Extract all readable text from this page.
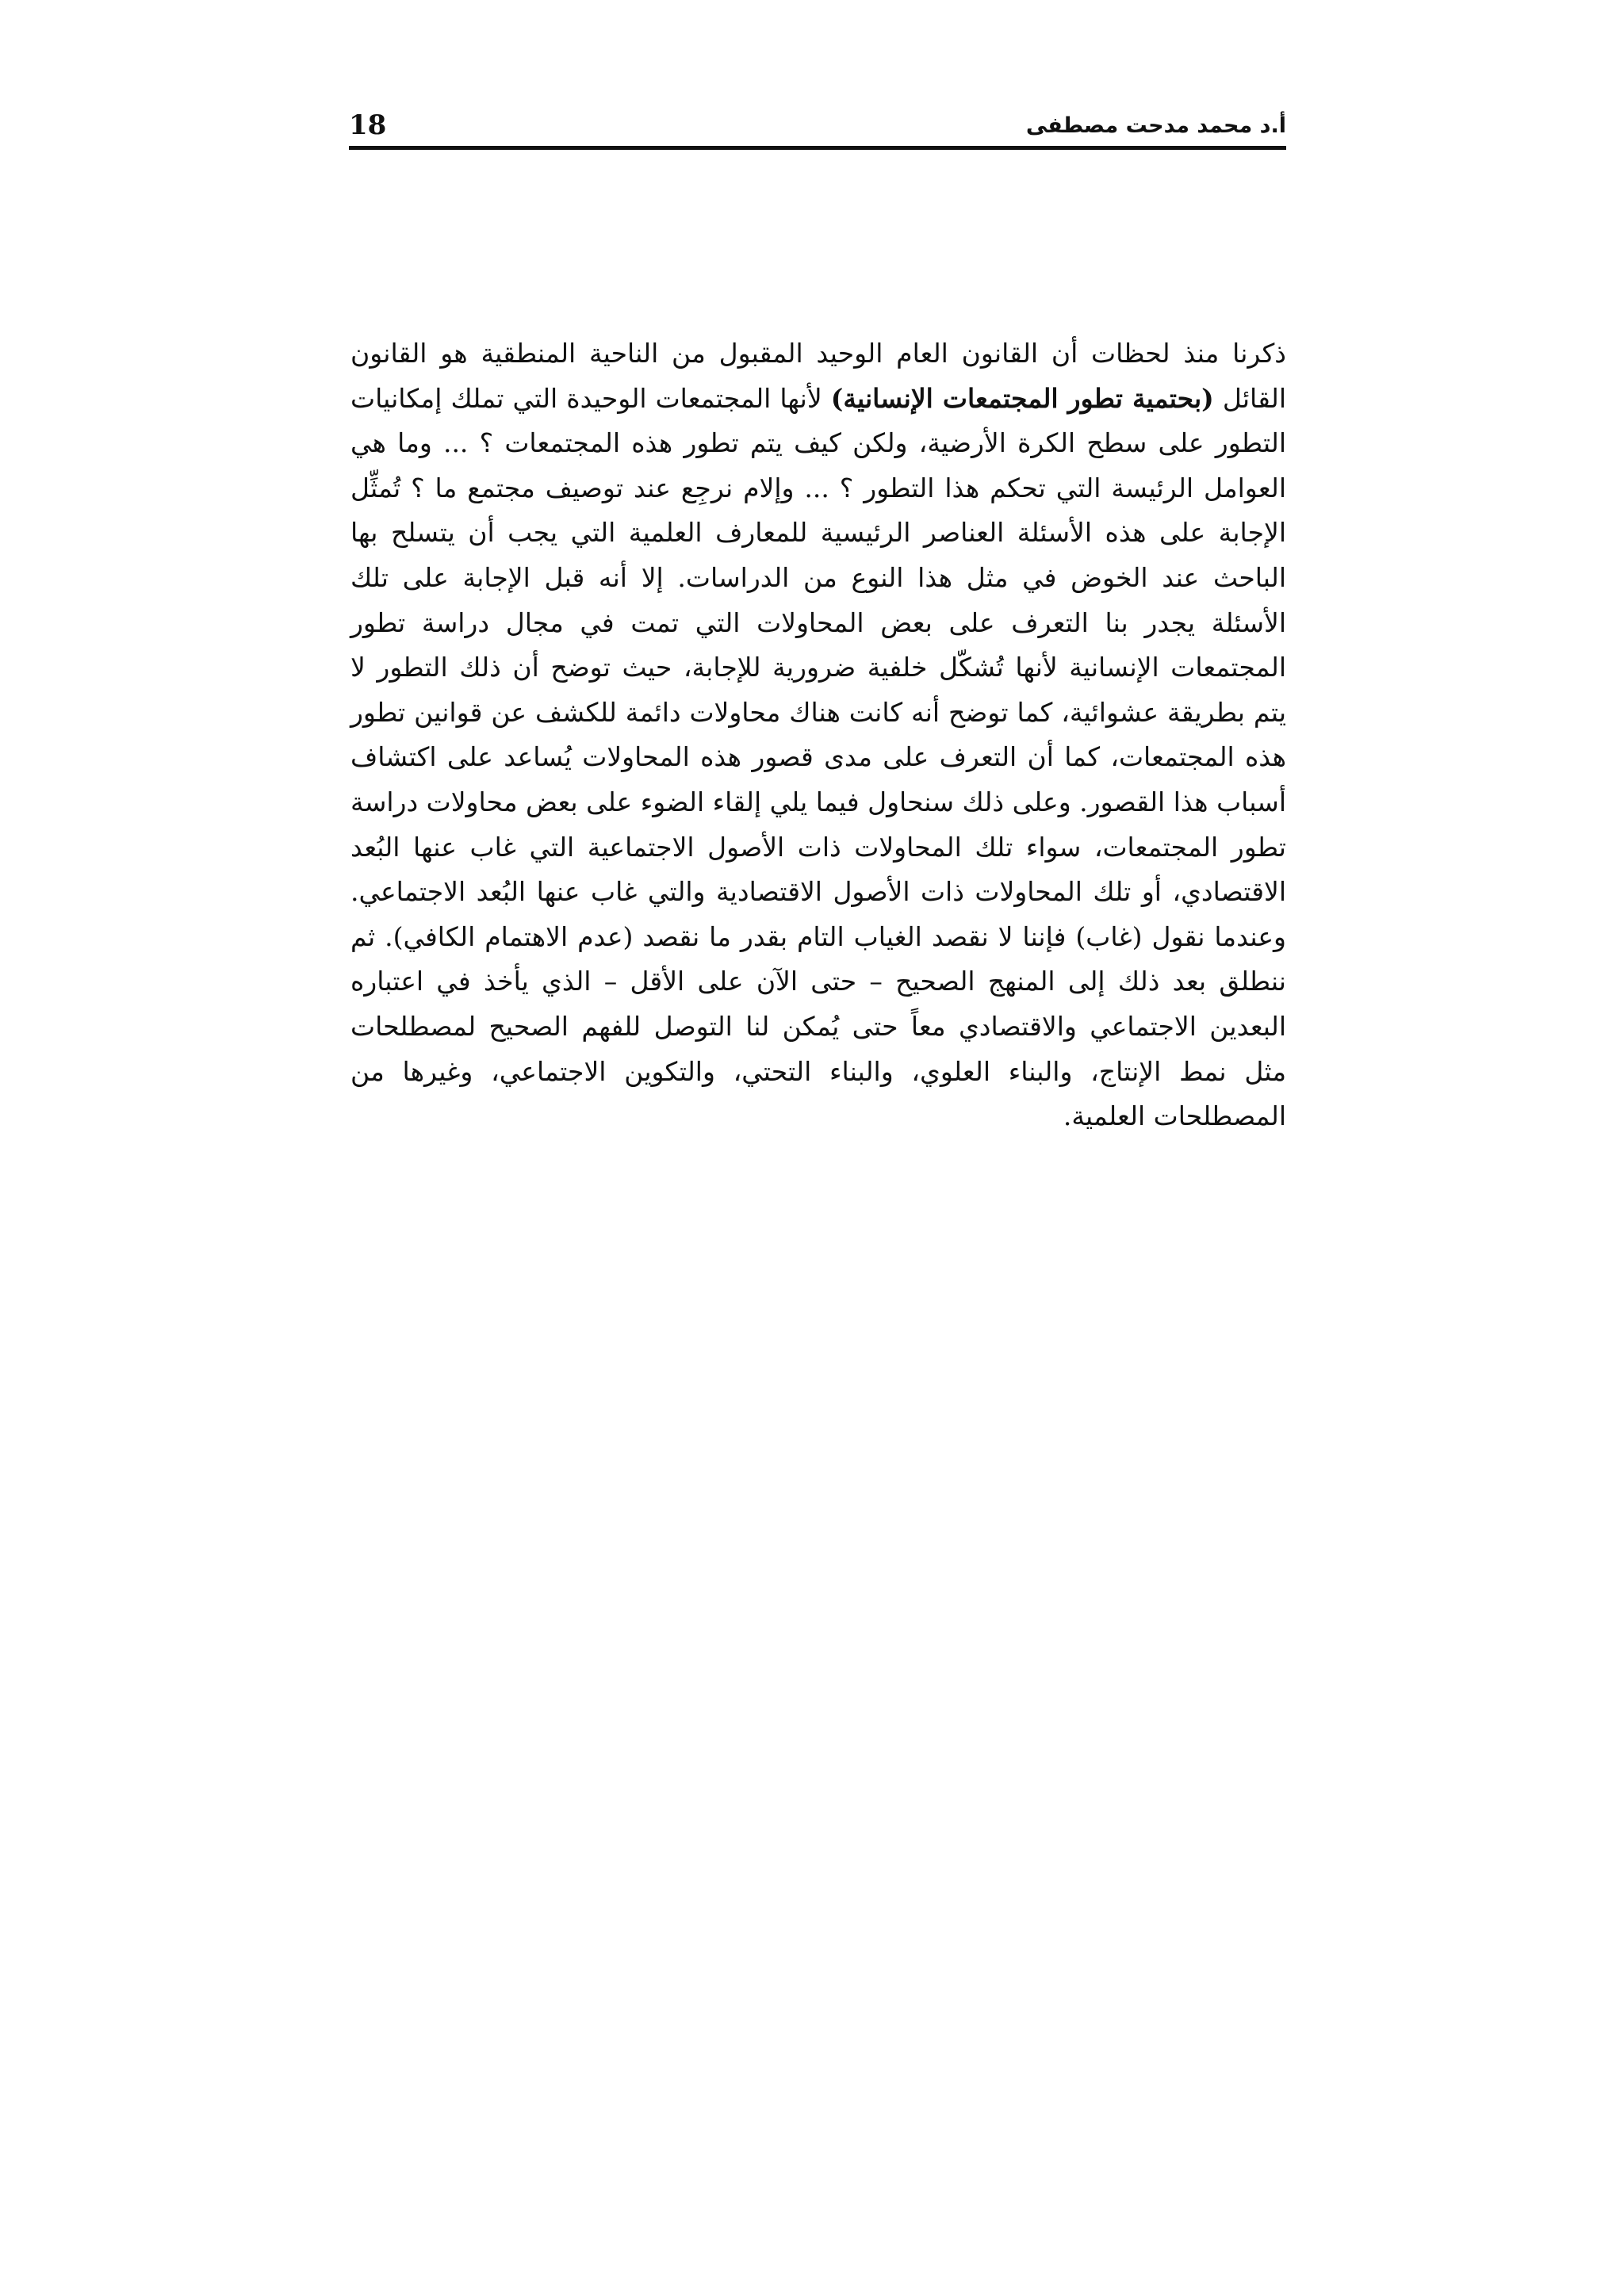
أ.د محمد مدحت مصطفى
18

ذكرنا منذ لحظات أن القانون العام الوحيد المقبول من الناحية المنطقية هو القانون القائل (بحتمية تطور المجتمعات الإنسانية) لأنها المجتمعات الوحيدة التي تملك إمكانيات التطور على سطح الكرة الأرضية، ولكن كيف يتم تطور هذه المجتمعات ؟ ... وما هي العوامل الرئيسة التي تحكم هذا التطور ؟ ... وإلام نرجِع عند توصيف مجتمع ما ؟ تُمثِّل الإجابة على هذه الأسئلة العناصر الرئيسية للمعارف العلمية التي يجب أن يتسلح بها الباحث عند الخوض في مثل هذا النوع من الدراسات. إلا أنه قبل الإجابة على تلك الأسئلة يجدر بنا التعرف على بعض المحاولات التي تمت في مجال دراسة تطور المجتمعات الإنسانية لأنها تُشكّل خلفية ضرورية للإجابة، حيث توضح أن ذلك التطور لا يتم بطريقة عشوائية، كما توضح أنه كانت هناك محاولات دائمة للكشف عن قوانين تطور هذه المجتمعات، كما أن التعرف على مدى قصور هذه المحاولات يُساعد على اكتشاف أسباب هذا القصور. وعلى ذلك سنحاول فيما يلي إلقاء الضوء على بعض محاولات دراسة تطور المجتمعات، سواء تلك المحاولات ذات الأصول الاجتماعية التي غاب عنها البُعد الاقتصادي، أو تلك المحاولات ذات الأصول الاقتصادية والتي غاب عنها البُعد الاجتماعي. وعندما نقول (غاب) فإننا لا نقصد الغياب التام بقدر ما نقصد (عدم الاهتمام الكافي). ثم ننطلق بعد ذلك إلى المنهج الصحيح – حتى الآن على الأقل – الذي يأخذ في اعتباره البعدين الاجتماعي والاقتصادي معاً حتى يُمكن لنا التوصل للفهم الصحيح لمصطلحات مثل نمط الإنتاج، والبناء العلوي، والبناء التحتي، والتكوين الاجتماعي، وغيرها من المصطلحات العلمية.
